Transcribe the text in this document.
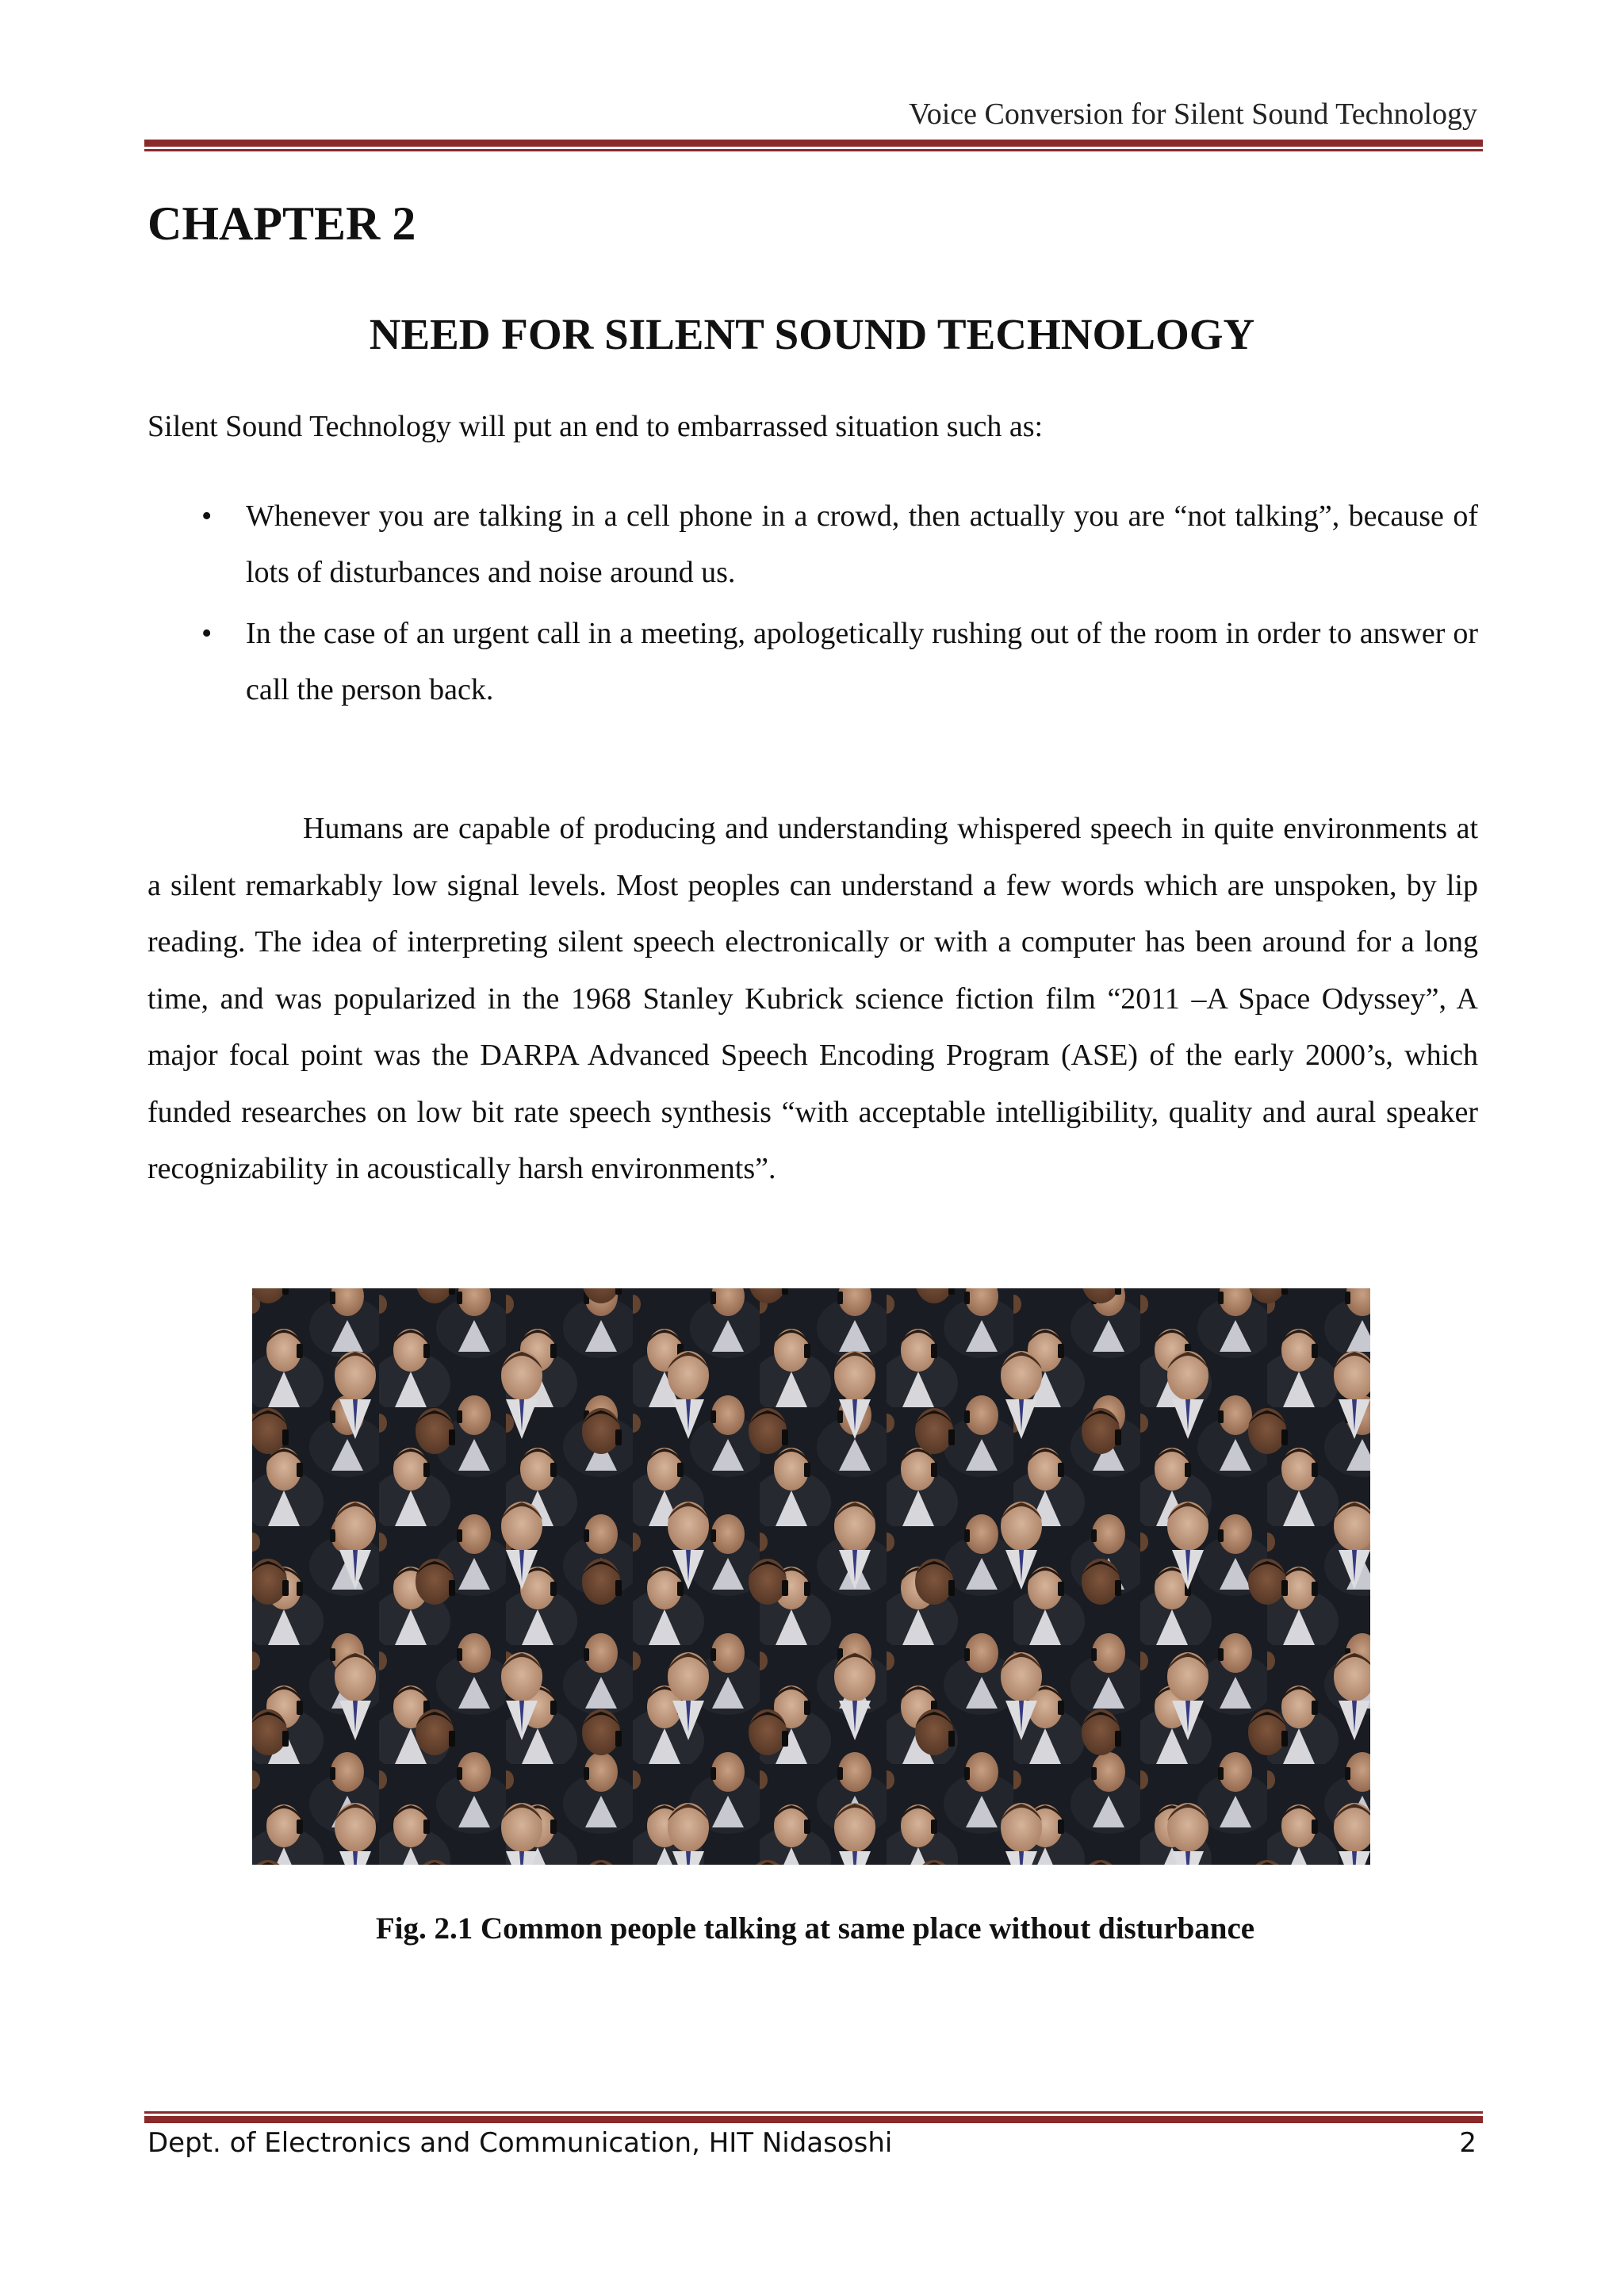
Voice Conversion for Silent Sound Technology
CHAPTER 2
NEED FOR SILENT SOUND TECHNOLOGY

Silent Sound Technology will put an end to embarrassed situation such as:

• Whenever you are talking in a cell phone in a crowd, then actually you are “not talking”, because of lots of disturbances and noise around us.
• In the case of an urgent call in a meeting, apologetically rushing out of the room in order to answer or call the person back.

Humans are capable of producing and understanding whispered speech in quite environments at a silent remarkably low signal levels. Most peoples can understand a few words which are unspoken, by lip reading. The idea of interpreting silent speech electronically or with a computer has been around for a long time, and was popularized in the 1968 Stanley Kubrick science fiction film “2011 –A Space Odyssey”, A major focal point was the DARPA Advanced Speech Encoding Program (ASE) of the early 2000’s, which funded researches on low bit rate speech synthesis “with acceptable intelligibility, quality and aural speaker recognizability in acoustically harsh environments”.

Fig. 2.1 Common people talking at same place without disturbance

Dept. of Electronics and Communication, HIT Nidasoshi	2
